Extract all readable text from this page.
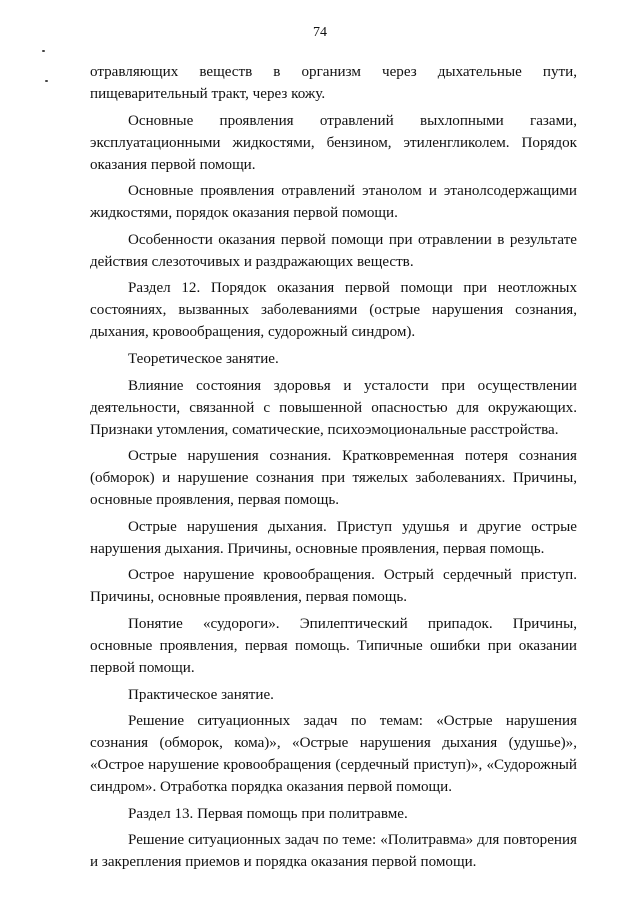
74

отравляющих веществ в организм через дыхательные пути, пищеварительный тракт, через кожу.

Основные проявления отравлений выхлопными газами, эксплуатационными жидкостями, бензином, этиленгликолем. Порядок оказания первой помощи.

Основные проявления отравлений этанолом и этанолсодержащими жидкостями, порядок оказания первой помощи.

Особенности оказания первой помощи при отравлении в результате действия слезоточивых и раздражающих веществ.

Раздел 12. Порядок оказания первой помощи при неотложных состояниях, вызванных заболеваниями (острые нарушения сознания, дыхания, кровообращения, судорожный синдром).

Теоретическое занятие.

Влияние состояния здоровья и усталости при осуществлении деятельности, связанной с повышенной опасностью для окружающих. Признаки утомления, соматические, психоэмоциональные расстройства.

Острые нарушения сознания. Кратковременная потеря сознания (обморок) и нарушение сознания при тяжелых заболеваниях. Причины, основные проявления, первая помощь.

Острые нарушения дыхания. Приступ удушья и другие острые нарушения дыхания. Причины, основные проявления, первая помощь.

Острое нарушение кровообращения. Острый сердечный приступ. Причины, основные проявления, первая помощь.

Понятие «судороги». Эпилептический припадок. Причины, основные проявления, первая помощь. Типичные ошибки при оказании первой помощи.

Практическое занятие.

Решение ситуационных задач по темам: «Острые нарушения сознания (обморок, кома)», «Острые нарушения дыхания (удушье)», «Острое нарушение кровообращения (сердечный приступ)», «Судорожный синдром». Отработка порядка оказания первой помощи.

Раздел 13. Первая помощь при политравме.

Решение ситуационных задач по теме: «Политравма» для повторения и закрепления приемов и порядка оказания первой помощи.
